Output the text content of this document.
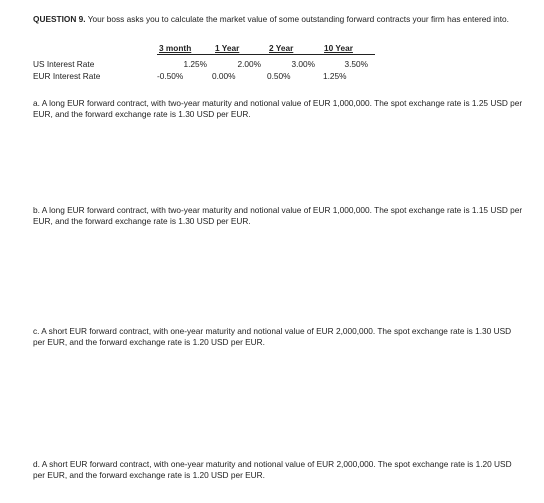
QUESTION 9. Your boss asks you to calculate the market value of some outstanding forward contracts your firm has entered into.
3 month	1 Year	2 Year	10 Year
US Interest Rate	1.25%	2.00%	3.00%	3.50%
EUR Interest Rate	-0.50%	0.00%	0.50%	1.25%
a. A long EUR forward contract, with two-year maturity and notional value of EUR 1,000,000. The spot exchange rate is 1.25 USD per EUR, and the forward exchange rate is 1.30 USD per EUR.
b. A long EUR forward contract, with two-year maturity and notional value of EUR 1,000,000. The spot exchange rate is 1.15 USD per EUR, and the forward exchange rate is 1.30 USD per EUR.
c. A short EUR forward contract, with one-year maturity and notional value of EUR 2,000,000. The spot exchange rate is 1.30 USD per EUR, and the forward exchange rate is 1.20 USD per EUR.
d. A short EUR forward contract, with one-year maturity and notional value of EUR 2,000,000. The spot exchange rate is 1.20 USD per EUR, and the forward exchange rate is 1.20 USD per EUR.
